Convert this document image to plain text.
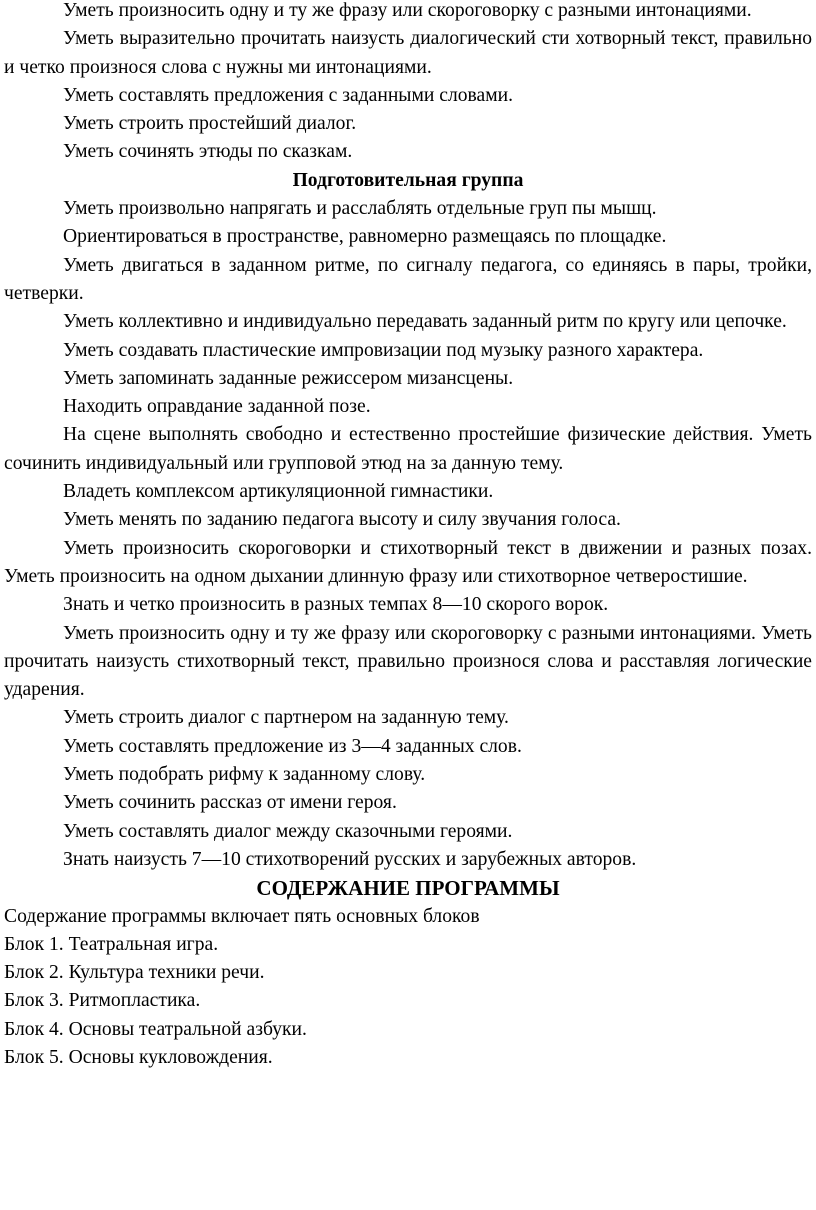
Уметь произносить одну и ту же фразу или скороговорку с разными интонациями.

Уметь выразительно прочитать наизусть диалогический сти хотворный текст, правильно и четко произнося слова с нужны ми интонациями.

Уметь составлять предложения с заданными словами.

Уметь строить простейший диалог.

Уметь сочинять этюды по сказкам.

Подготовительная группа

Уметь произвольно напрягать и расслаблять отдельные груп пы мышц.

Ориентироваться в пространстве, равномерно размещаясь по площадке.

Уметь двигаться в заданном ритме, по сигналу педагога, со единяясь в пары, тройки, четверки.

Уметь коллективно и индивидуально передавать заданный ритм по кругу или цепочке.

Уметь создавать пластические импровизации под музыку разного характера.

Уметь запоминать заданные режиссером мизансцены.

Находить оправдание заданной позе.

На сцене выполнять свободно и естественно простейшие физические действия. Уметь сочинить индивидуальный или групповой этюд на за данную тему.

Владеть комплексом артикуляционной гимнастики.

Уметь менять по заданию педагога высоту и силу звучания голоса.

Уметь произносить скороговорки и стихотворный текст в движении и разных позах. Уметь произносить на одном дыхании длинную фразу или стихотворное четверостишие.

Знать и четко произносить в разных темпах 8—10 скорого ворок.

Уметь произносить одну и ту же фразу или скороговорку с разными интонациями. Уметь прочитать наизусть стихотворный текст, правильно произнося слова и расставляя логические ударения.

Уметь строить диалог с партнером на заданную тему.

Уметь составлять предложение из 3—4 заданных слов.

Уметь подобрать рифму к заданному слову.

Уметь сочинить рассказ от имени героя.

Уметь составлять диалог между сказочными героями.

Знать наизусть 7—10 стихотворений русских и зарубежных авторов.

СОДЕРЖАНИЕ ПРОГРАММЫ

Содержание программы включает пять основных блоков

Блок 1. Театральная игра.

Блок 2. Культура техники речи.

Блок 3. Ритмопластика.

Блок 4. Основы театральной азбуки.

Блок 5. Основы кукловождения.
